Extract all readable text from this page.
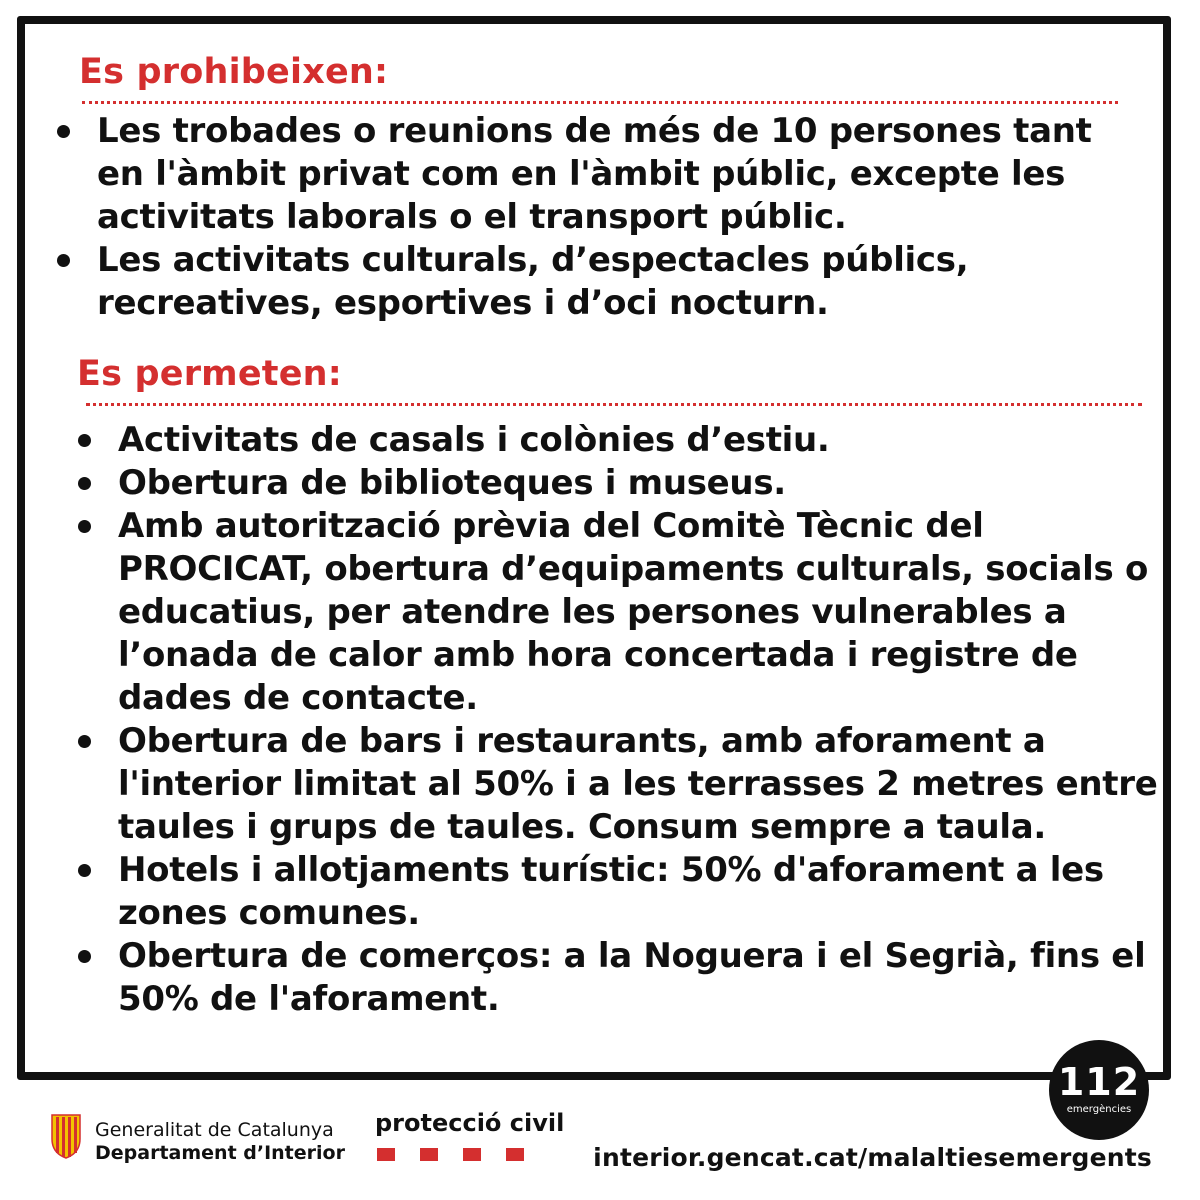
Es prohibeixen:
Les trobades o reunions de més de 10 persones tant en l'àmbit privat com en l'àmbit públic, excepte les activitats laborals o el transport públic.
Les activitats culturals, d’espectacles públics, recreatives, esportives i d’oci nocturn.
Es permeten:
Activitats de casals i colònies d’estiu.
Obertura de biblioteques i museus.
Amb autorització prèvia del Comitè Tècnic del PROCICAT, obertura d’equipaments culturals, socials o educatius, per atendre les persones vulnerables a l’onada de calor amb hora concertada i registre de dades de contacte.
Obertura de bars i restaurants, amb aforament a l'interior limitat al 50% i a les terrasses 2 metres entre taules i grups de taules. Consum sempre a taula.
Hotels i allotjaments turístic: 50% d'aforament a les zones comunes.
Obertura de comerços: a la Noguera i el Segrià, fins el 50% de l'aforament.
112
emergències
Generalitat de Catalunya
Departament d’Interior
protecció civil
interior.gencat.cat/malaltiesemergents
